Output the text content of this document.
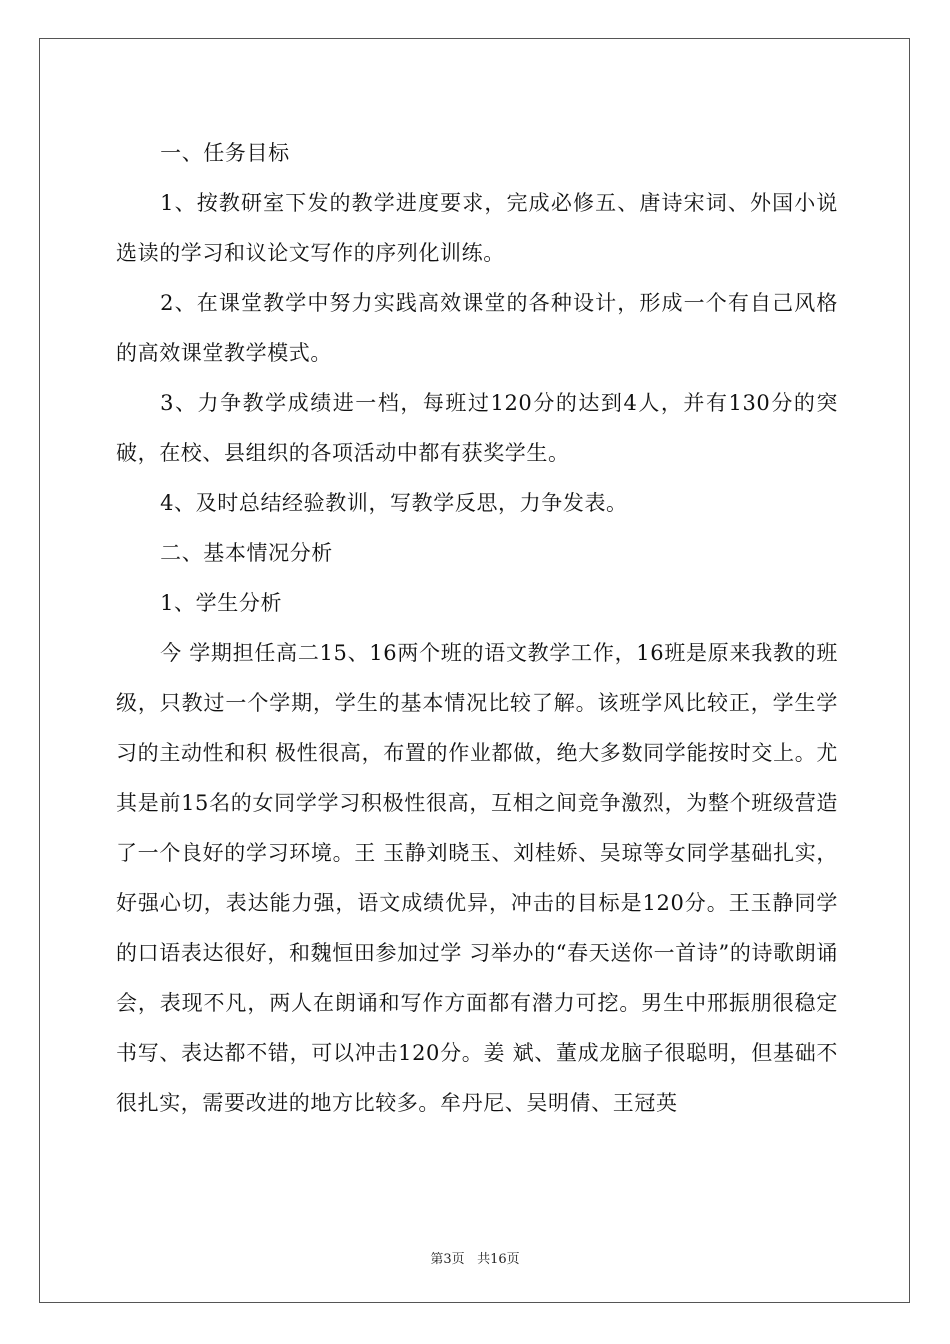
一、任务目标

1、按教研室下发的教学进度要求，完成必修五、唐诗宋词、外国小说选读的学习和议论文写作的序列化训练。

2、在课堂教学中努力实践高效课堂的各种设计，形成一个有自己风格的高效课堂教学模式。

3、力争教学成绩进一档，每班过120分的达到4人，并有130分的突破，在校、县组织的各项活动中都有获奖学生。

4、及时总结经验教训，写教学反思，力争发表。

二、基本情况分析

1、学生分析

今 学期担任高二15、16两个班的语文教学工作，16班是原来我教的班级，只教过一个学期，学生的基本情况比较了解。该班学风比较正，学生学习的主动性和积 极性很高，布置的作业都做，绝大多数同学能按时交上。尤其是前15名的女同学学习积极性很高，互相之间竞争激烈，为整个班级营造了一个良好的学习环境。王 玉静刘晓玉、刘桂娇、吴琼等女同学基础扎实，好强心切，表达能力强，语文成绩优异，冲击的目标是120分。王玉静同学的口语表达很好，和魏恒田参加过学 习举办的“春天送你一首诗”的诗歌朗诵会，表现不凡，两人在朗诵和写作方面都有潜力可挖。男生中邢振朋很稳定书写、表达都不错，可以冲击120分。姜 斌、董成龙脑子很聪明，但基础不很扎实，需要改进的地方比较多。牟丹尼、吴明倩、王冠英

第3页 共16页
